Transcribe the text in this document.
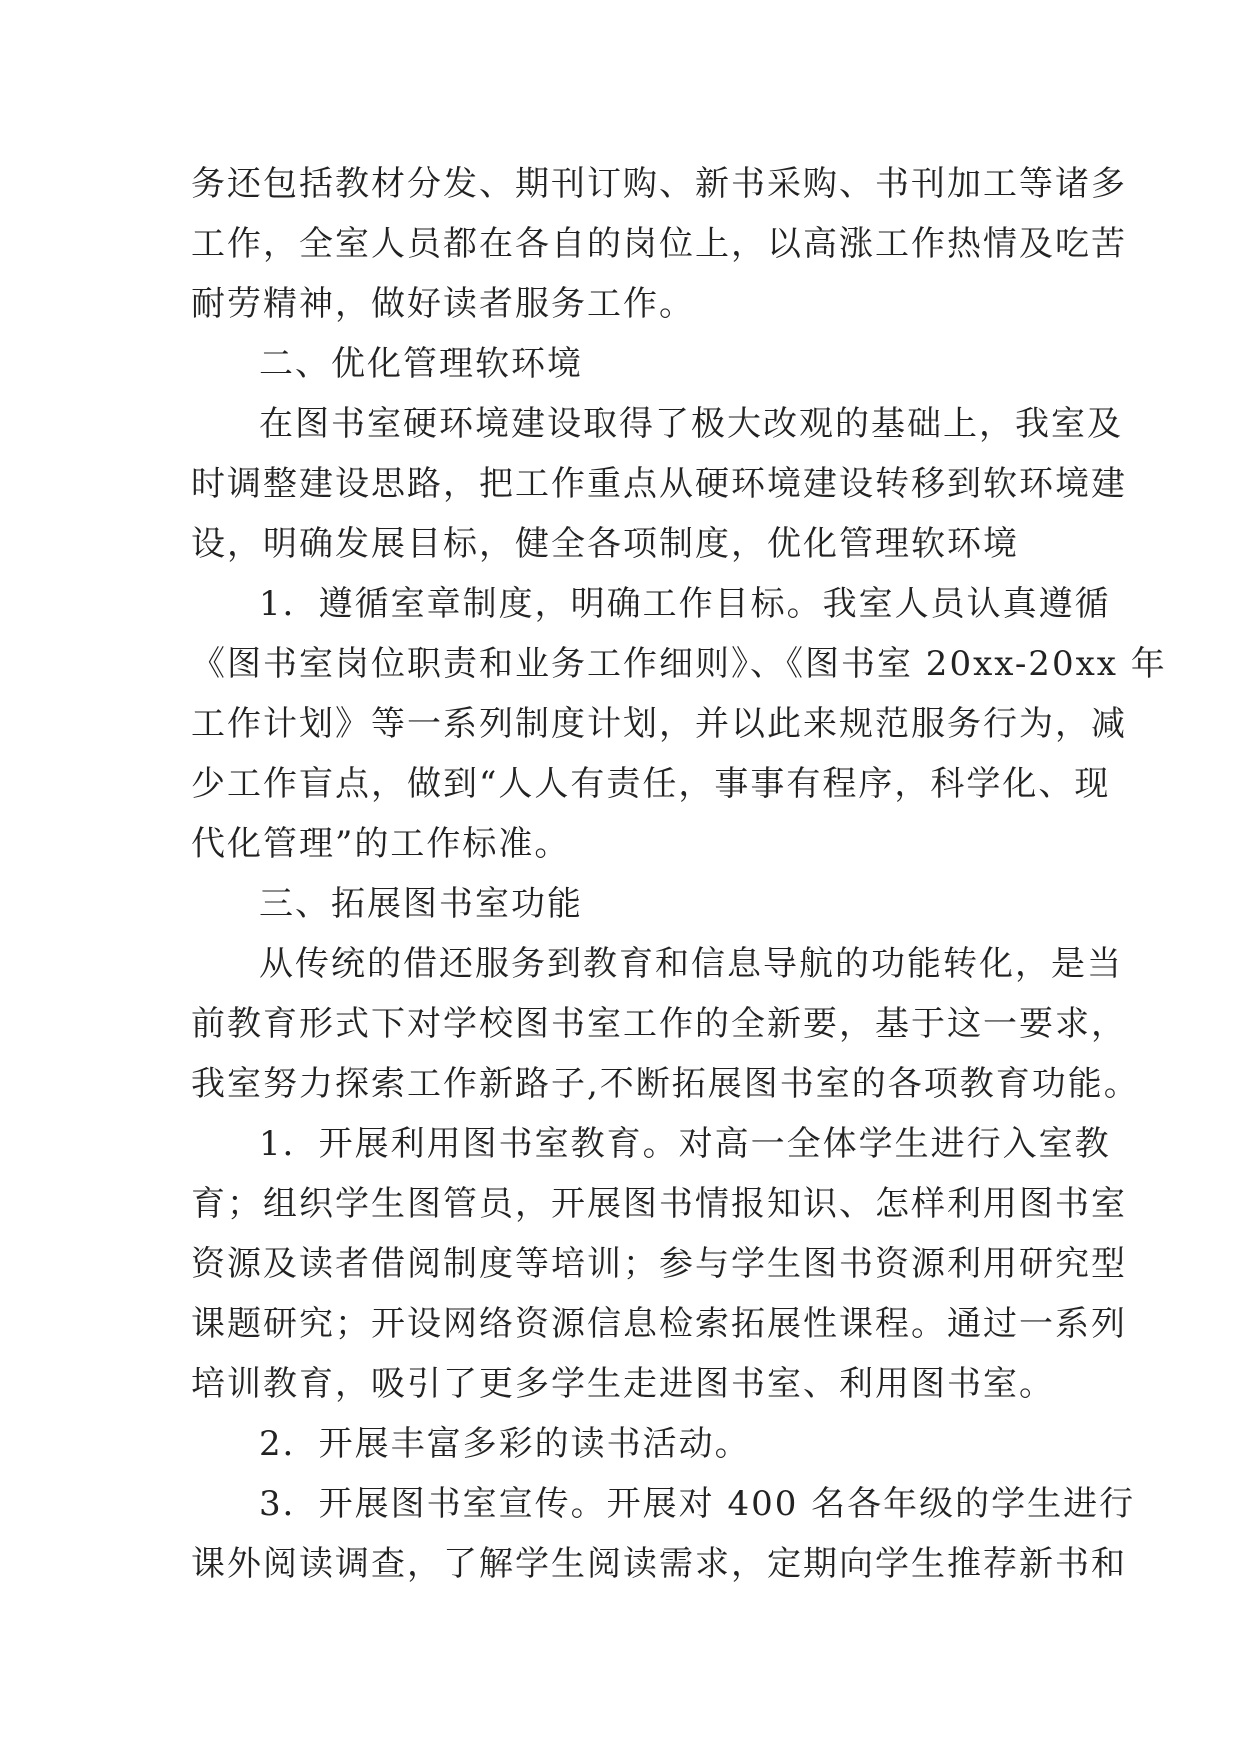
务还包括教材分发、期刊订购、新书采购、书刊加工等诸多
工作，全室人员都在各自的岗位上，以高涨工作热情及吃苦
耐劳精神，做好读者服务工作。
二、优化管理软环境
在图书室硬环境建设取得了极大改观的基础上，我室及
时调整建设思路，把工作重点从硬环境建设转移到软环境建
设，明确发展目标，健全各项制度，优化管理软环境
1．遵循室章制度，明确工作目标。我室人员认真遵循
《图书室岗位职责和业务工作细则》、《图书室 20xx-20xx 年
工作计划》等一系列制度计划，并以此来规范服务行为，减
少工作盲点，做到“人人有责任，事事有程序，科学化、现
代化管理”的工作标准。
三、拓展图书室功能
从传统的借还服务到教育和信息导航的功能转化，是当
前教育形式下对学校图书室工作的全新要，基于这一要求，
我室努力探索工作新路子,不断拓展图书室的各项教育功能。
1．开展利用图书室教育。对高一全体学生进行入室教
育；组织学生图管员，开展图书情报知识、怎样利用图书室
资源及读者借阅制度等培训；参与学生图书资源利用研究型
课题研究；开设网络资源信息检索拓展性课程。通过一系列
培训教育，吸引了更多学生走进图书室、利用图书室。
2．开展丰富多彩的读书活动。
3．开展图书室宣传。开展对 400 名各年级的学生进行
课外阅读调查，了解学生阅读需求，定期向学生推荐新书和
